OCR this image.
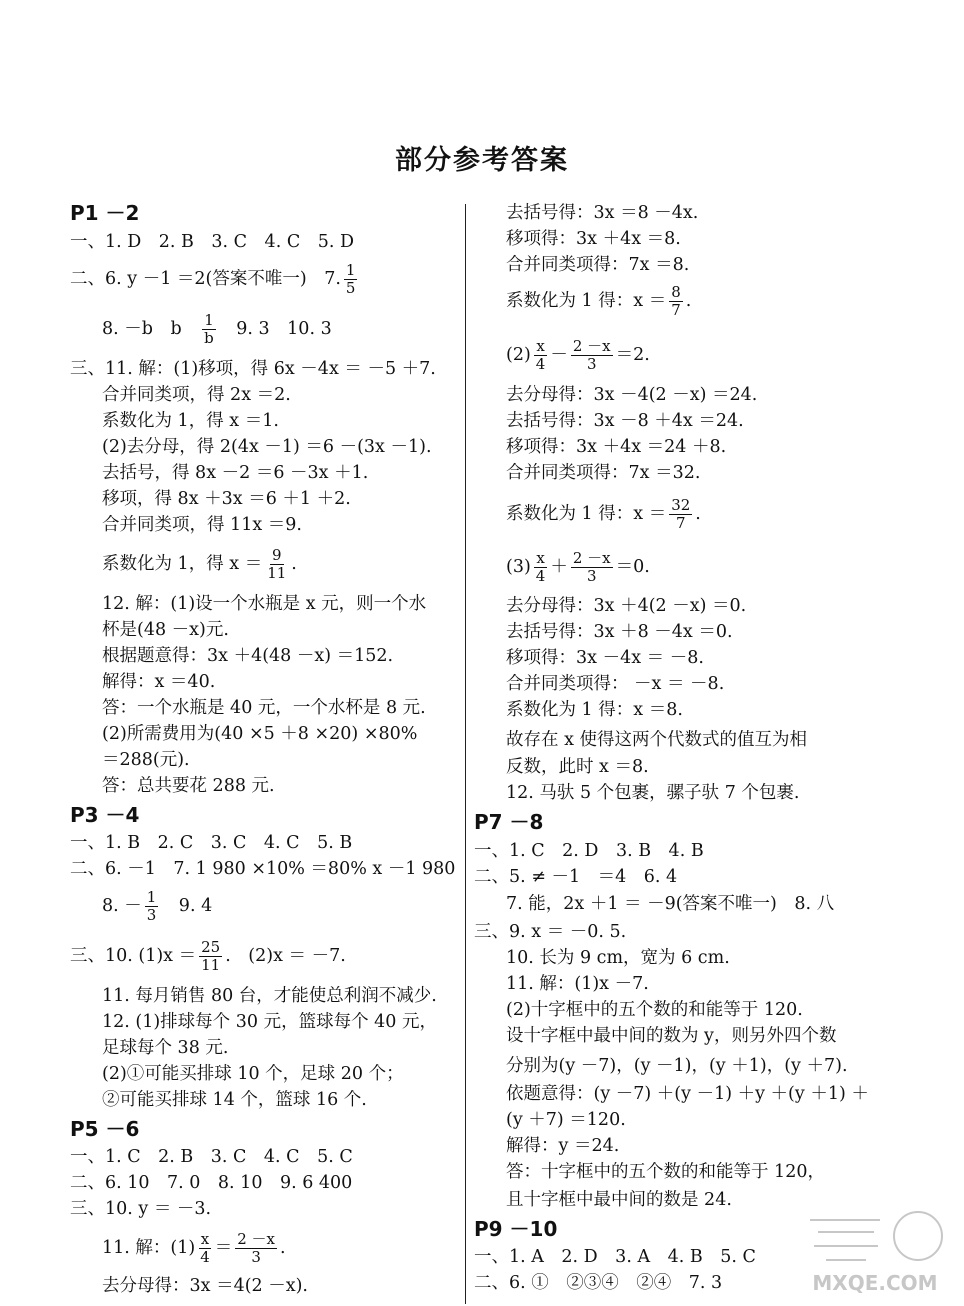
部分参考答案
P1 －2
一、1. D　2. B　3. C　4. C　5. D
二、6. y －1 ＝2(答案不唯一)　7. $\frac{1}{5}$
8. －b　b　 $\frac{1}{b}$ 　9. 3　10. 3
三、11. 解：(1)移项，得 6x －4x ＝ －5 ＋7.
合并同类项，得 2x ＝2.
系数化为 1，得 x ＝1.
(2)去分母，得 2(4x －1) ＝6 －(3x －1).
去括号，得 8x －2 ＝6 －3x ＋1.
移项，得 8x ＋3x ＝6 ＋1 ＋2.
合并同类项，得 11x ＝9.
系数化为 1，得 $x = \frac{9}{11}$ .
12. 解：(1)设一个水瓶是 x 元，则一个水
杯是(48 －x)元.
根据题意得：3x ＋4(48 －x) ＝152.
解得：x ＝40.
答：一个水瓶是 40 元，一个水杯是 8 元.
(2)所需费用为(40 ×5 ＋8 ×20) ×80%
＝288(元).
答：总共要花 288 元.
P3 －4
一、1. B　2. C　3. C　4. C　5. B
二、6. －1　7. 1 980 ×10% ＝80% x －1 980
8. － $\frac{1}{3}$ 　9. 4
三、10. $(1)x = \frac{25}{11}$ .　(2)x ＝ －7.
11. 每月销售 80 台，才能使总利润不减少.
12. (1)排球每个 30 元，篮球每个 40 元，
足球每个 38 元.
(2)①可能买排球 10 个，足球 20 个；
②可能买排球 14 个，篮球 16 个.
P5 －6
一、1. C　2. B　3. C　4. C　5. C
二、6. 10　7. 0　8. 10　9. 6 400
三、10. y ＝ －3.
11. 解：$(1) \frac{x}{4} = \frac{2 -x}{3}$ .
去分母得：3x ＝4(2 －x).
去括号得：3x ＝8 －4x.
移项得：3x ＋4x ＝8.
合并同类项得：7x ＝8.
系数化为 1 得：$x = \frac{8}{7}$ .
$(2) \frac{x}{4} - \frac{2 -x}{3} =2$.
去分母得：3x －4(2 －x) ＝24.
去括号得：3x －8 ＋4x ＝24.
移项得：3x ＋4x ＝24 ＋8.
合并同类项得：7x ＝32.
系数化为 1 得：$x = \frac{32}{7}$ .
$(3) \frac{x}{4} + \frac{2 -x}{3} =0$.
去分母得：3x ＋4(2 －x) ＝0.
去括号得：3x ＋8 －4x ＝0.
移项得：3x －4x ＝ －8.
合并同类项得： －x ＝ －8.
系数化为 1 得：x ＝8.
故存在 x 使得这两个代数式的值互为相
反数，此时 x ＝8.
12. 马驮 5 个包裹，骡子驮 7 个包裹.
P7 －8
一、1. C　2. D　3. B　4. B
二、5. ≠ －1　＝4　6. 4
7. 能，2x ＋1 ＝ －9(答案不唯一)　8. 八
三、9. x ＝ －0. 5.
10. 长为 9 cm，宽为 6 cm.
11. 解：(1)x －7.
(2)十字框中的五个数的和能等于 120.
设十字框中最中间的数为 y，则另外四个数
分别为(y －7)，(y －1)，(y ＋1)，(y ＋7).
依题意得：(y －7) ＋(y －1) ＋y ＋(y ＋1) ＋
(y ＋7) ＝120.
解得：y ＝24.
答：十字框中的五个数的和能等于 120，
且十字框中最中间的数是 24.
P9 －10
一、1. A　2. D　3. A　4. B　5. C
二、6. ①　②③④　②④　7. 3	MXQE.COM
